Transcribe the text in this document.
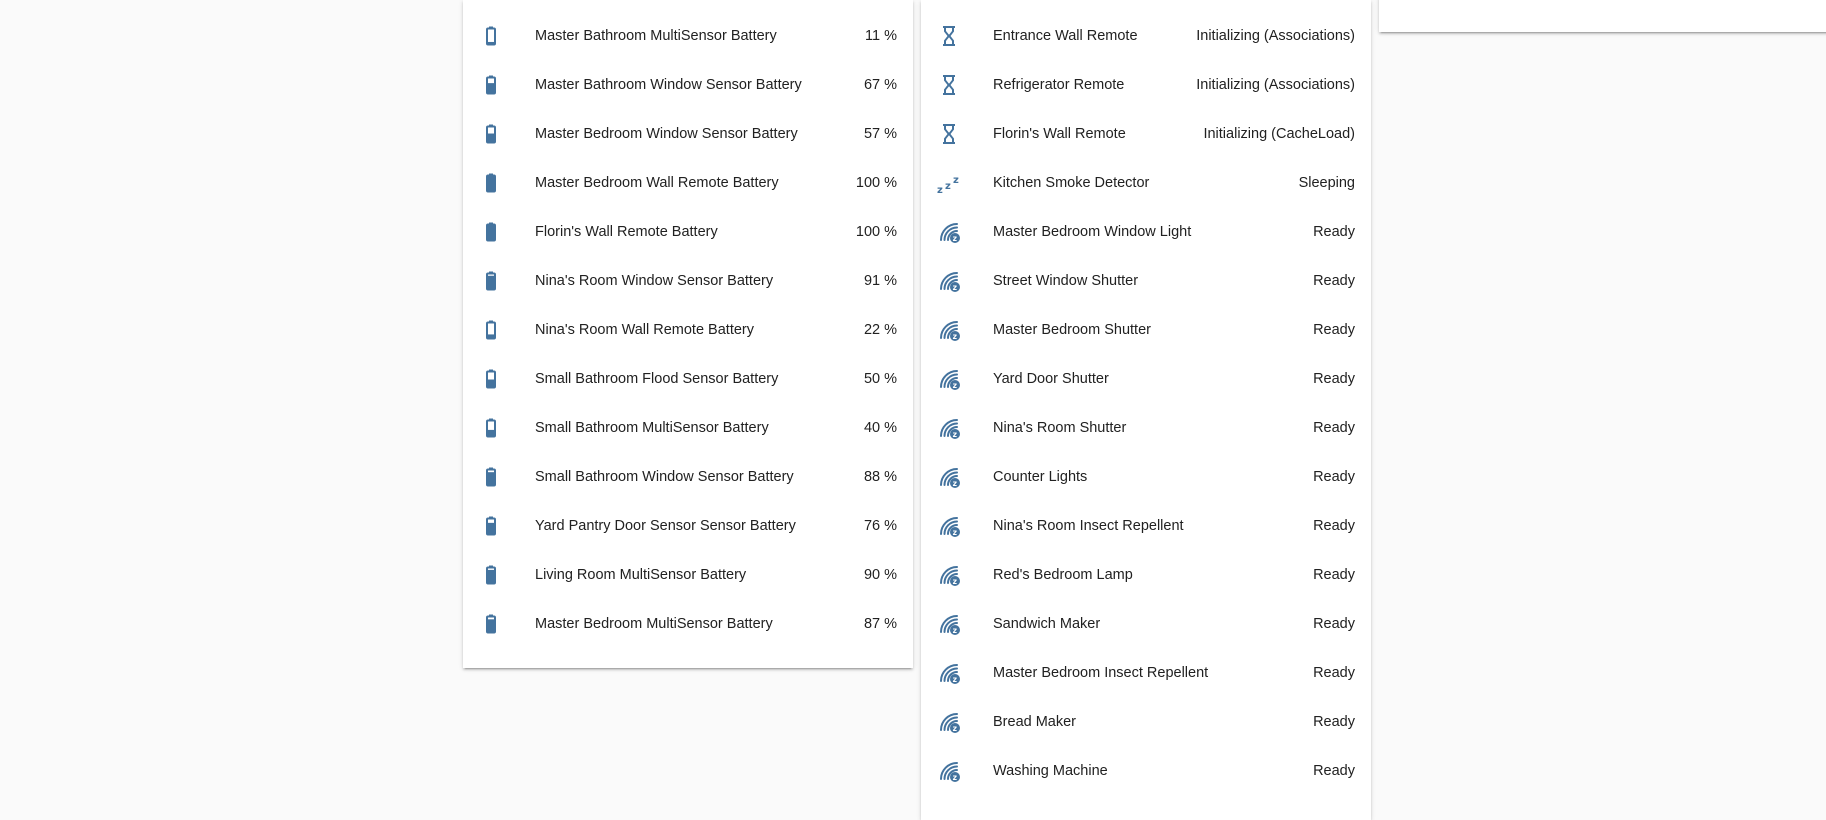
Master Bathroom MultiSensor Battery	11 %
Master Bathroom Window Sensor Battery	67 %
Master Bedroom Window Sensor Battery	57 %
Master Bedroom Wall Remote Battery	100 %
Florin's Wall Remote Battery	100 %
Nina's Room Window Sensor Battery	91 %
Nina's Room Wall Remote Battery	22 %
Small Bathroom Flood Sensor Battery	50 %
Small Bathroom MultiSensor Battery	40 %
Small Bathroom Window Sensor Battery	88 %
Yard Pantry Door Sensor Sensor Battery	76 %
Living Room MultiSensor Battery	90 %
Master Bedroom MultiSensor Battery	87 %
Entrance Wall Remote	Initializing (Associations)
Refrigerator Remote	Initializing (Associations)
Florin's Wall Remote	Initializing (CacheLoad)
z z
z Kitchen Smoke Detector	Sleeping
z Master Bedroom Window Light	Ready
z Street Window Shutter	Ready
z Master Bedroom Shutter	Ready
z Yard Door Shutter	Ready
z Nina's Room Shutter	Ready
z Counter Lights	Ready
z Nina's Room Insect Repellent	Ready
z Red's Bedroom Lamp	Ready
z Sandwich Maker	Ready
z Master Bedroom Insect Repellent	Ready
z Bread Maker	Ready
z Washing Machine	Ready
